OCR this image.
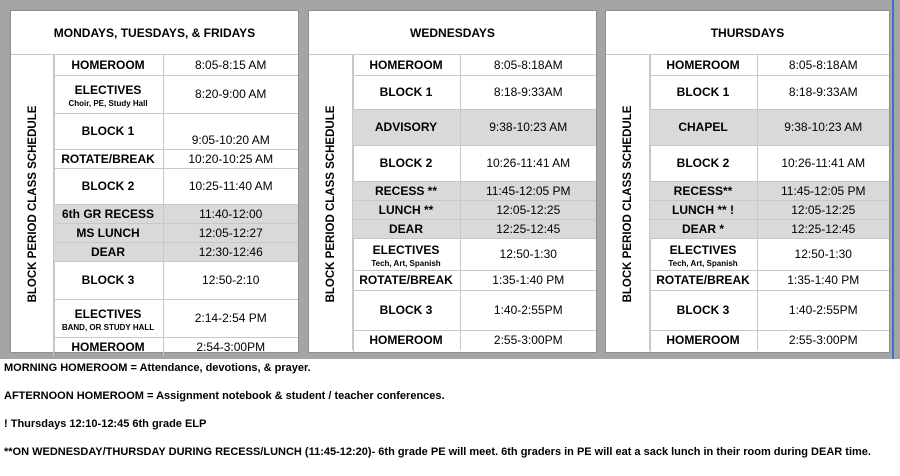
MONDAYS, TUESDAYS, & FRIDAYS
BLOCK PERIOD CLASS SCHEDULE
HOMEROOM	8:05-8:15 AM
ELECTIVES
Choir, PE, Study Hall	8:20-9:00 AM
BLOCK 1	9:05-10:20 AM
ROTATE/BREAK	10:20-10:25 AM
BLOCK 2	10:25-11:40 AM
6th GR RECESS	11:40-12:00
MS LUNCH	12:05-12:27
DEAR	12:30-12:46
BLOCK 3	12:50-2:10
ELECTIVES
BAND, OR STUDY HALL	2:14-2:54 PM
HOMEROOM	2:54-3:00PM
WEDNESDAYS
BLOCK PERIOD CLASS SCHEDULE
HOMEROOM	8:05-8:18AM
BLOCK 1	8:18-9:33AM
ADVISORY	9:38-10:23 AM
BLOCK 2	10:26-11:41 AM
RECESS **	11:45-12:05 PM
LUNCH **	12:05-12:25
DEAR	12:25-12:45
ELECTIVES
Tech, Art, Spanish	12:50-1:30
ROTATE/BREAK	1:35-1:40 PM
BLOCK 3	1:40-2:55PM
HOMEROOM	2:55-3:00PM
THURSDAYS
BLOCK PERIOD CLASS SCHEDULE
HOMEROOM	8:05-8:18AM
BLOCK 1	8:18-9:33AM
CHAPEL	9:38-10:23 AM
BLOCK 2	10:26-11:41 AM
RECESS**	11:45-12:05 PM
LUNCH ** !	12:05-12:25
DEAR *	12:25-12:45
ELECTIVES
Tech, Art, Spanish	12:50-1:30
ROTATE/BREAK	1:35-1:40 PM
BLOCK 3	1:40-2:55PM
HOMEROOM	2:55-3:00PM

MORNING HOMEROOM = Attendance, devotions, & prayer.

AFTERNOON HOMEROOM = Assignment notebook & student / teacher conferences.

! Thursdays 12:10-12:45 6th grade ELP

**ON WEDNESDAY/THURSDAY DURING RECESS/LUNCH (11:45-12:20)- 6th grade PE will meet. 6th graders in PE will eat a sack lunch in their room during DEAR time.
